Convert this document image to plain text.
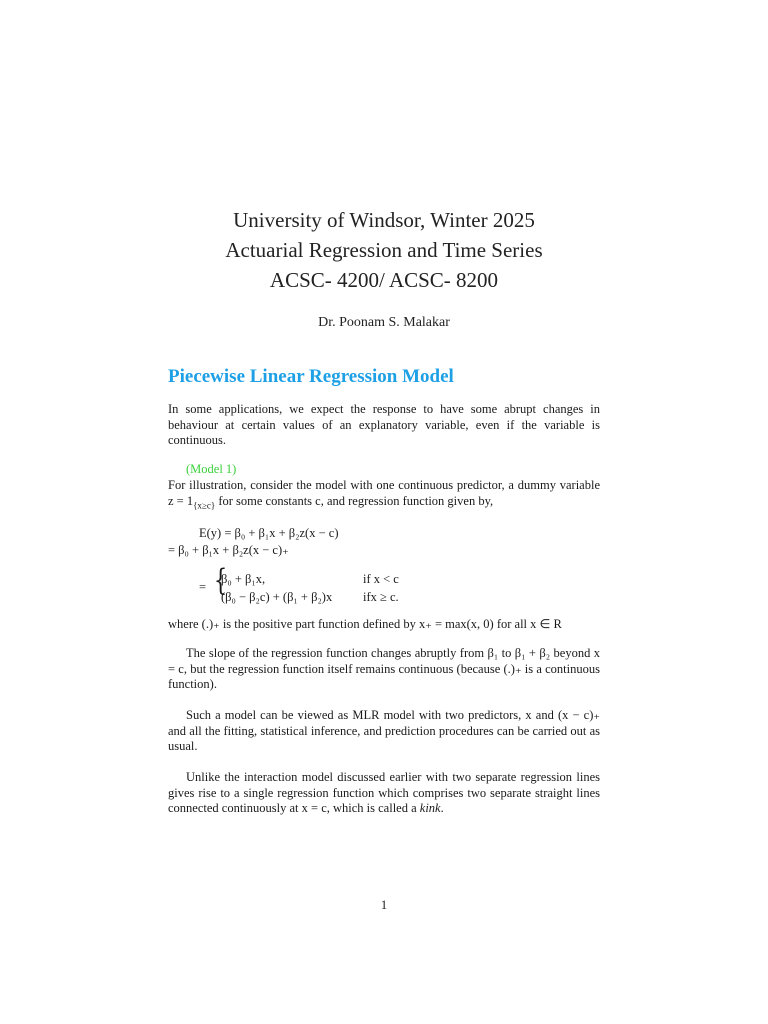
University of Windsor, Winter 2025
Actuarial Regression and Time Series
ACSC- 4200/ ACSC- 8200
Dr. Poonam S. Malakar
Piecewise Linear Regression Model

In some applications, we expect the response to have some abrupt changes in behaviour at certain values of an explanatory variable, even if the variable is continuous.

(Model 1)

For illustration, consider the model with one continuous predictor, a dummy variable $z = 1_{\{x\ge c\}}$ for some constants c, and regression function given by,

E(y) = β₀ + β₁x + β₂z(x − c)
= β₀ + β₁x + β₂z(x − c)₊
= {
β₀ + β₁x,	if x < c
(β₀ − β₂c) + (β₁ + β₂)x ifx ≥ c.
where (.)₊ is the positive part function defined by x₊ = max(x, 0) for all x ∈ R

The slope of the regression function changes abruptly from β₁ to β₁ + β₂ beyond x = c, but the regression function itself remains continuous (because (.)₊ is a continuous function).

Such a model can be viewed as MLR model with two predictors, x and (x − c)₊ and all the fitting, statistical inference, and prediction procedures can be carried out as usual.

Unlike the interaction model discussed earlier with two separate regression lines gives rise to a single regression function which comprises two separate straight lines connected continuously at x = c, which is called a kink.

1
